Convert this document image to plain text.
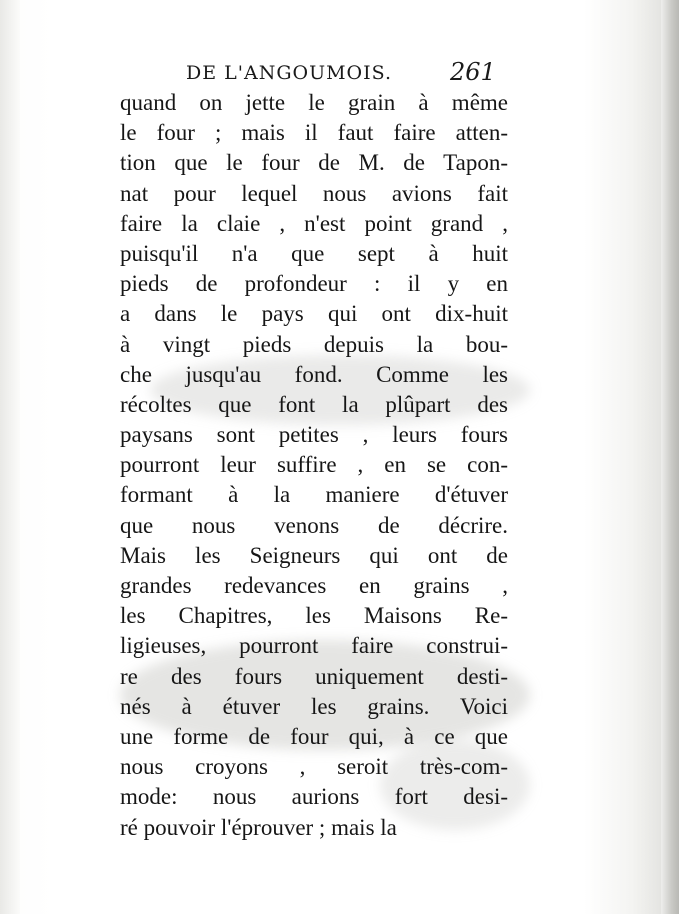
DE L'ANGOUMOIS. 261
quand on jette le grain à même
le four ; mais il faut faire atten-
tion que le four de M. de Tapon-
nat pour lequel nous avions fait
faire la claie , n'est point grand ,
puisqu'il n'a que sept à huit
pieds de profondeur : il y en
a dans le pays qui ont dix-huit
à vingt pieds depuis la bou-
che jusqu'au fond. Comme les
récoltes que font la plûpart des
paysans sont petites , leurs fours
pourront leur suffire , en se con-
formant à la maniere d'étuver
que nous venons de décrire.
Mais les Seigneurs qui ont de
grandes redevances en grains ,
les Chapitres, les Maisons Re-
ligieuses, pourront faire construi-
re des fours uniquement desti-
nés à étuver les grains. Voici
une forme de four qui, à ce que
nous croyons , seroit très-com-
mode: nous aurions fort desi-
ré pouvoir l'éprouver ; mais la
